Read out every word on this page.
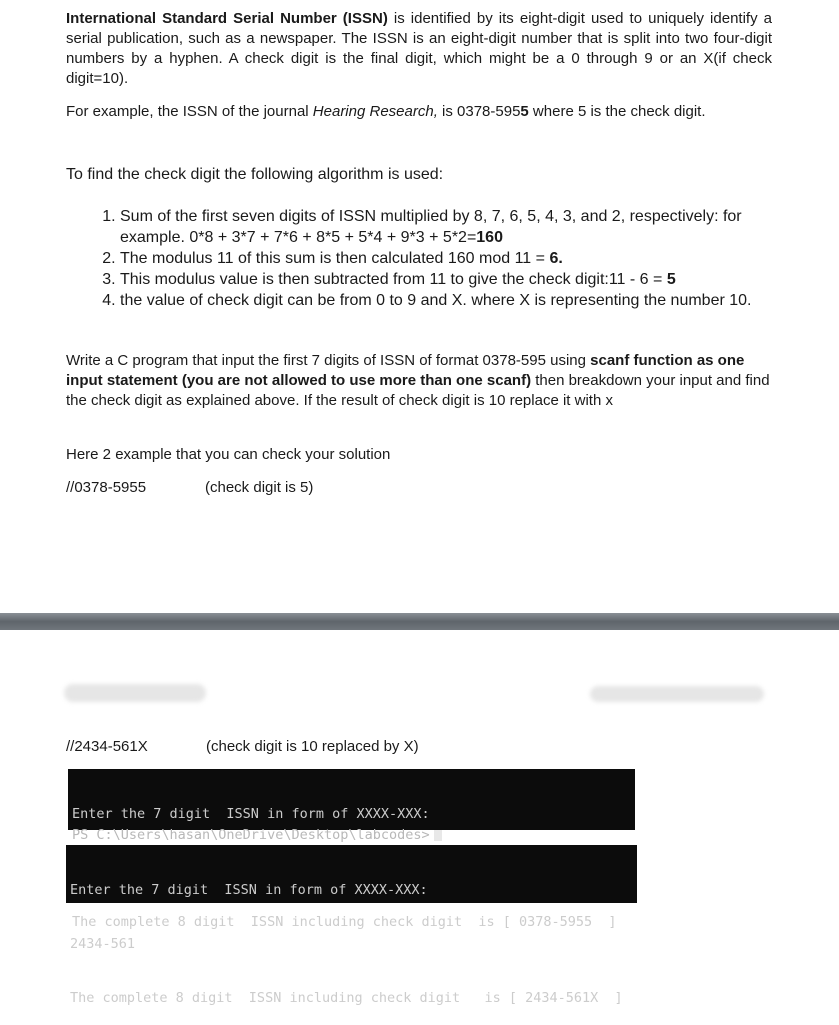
International Standard Serial Number (ISSN) is identified by its eight-digit used to uniquely identify a serial publication, such as a newspaper. The ISSN is an eight-digit number that is split into two four-digit numbers by a hyphen. A check digit is the final digit, which might be a 0 through 9 or an X(if check digit=10).

For example, the ISSN of the journal Hearing Research, is 0378-5955 where 5 is the check digit.

To find the check digit the following algorithm is used:

1. Sum of the first seven digits of ISSN multiplied by 8, 7, 6, 5, 4, 3, and 2, respectively: for example. 0*8 + 3*7 + 7*6 + 8*5 + 5*4 + 9*3 + 5*2=160
2. The modulus 11 of this sum is then calculated 160 mod 11 = 6.
3. This modulus value is then subtracted from 11 to give the check digit:11 - 6 = 5
4. the value of check digit can be from 0 to 9 and X. where X is representing the number 10.

Write a C program that input the first 7 digits of ISSN of format 0378-595 using scanf function as one input statement (you are not allowed to use more than one scanf) then breakdown your input and find the check digit as explained above. If the result of check digit is 10 replace it with x

Here 2 example that you can check your solution

//0378-5955	(check digit is 5)
//2434-561X	(check digit is 10 replaced by X)

Enter the 7 digit  ISSN in form of XXXX-XXX:

The complete 8 digit  ISSN including check digit  is [ 0378-5955  ]

PS C:\Users\hasan\OneDrive\Desktop\labcodes>

Enter the 7 digit  ISSN in form of XXXX-XXX:

2434-561

The complete 8 digit  ISSN including check digit   is [ 2434-561X  ]
